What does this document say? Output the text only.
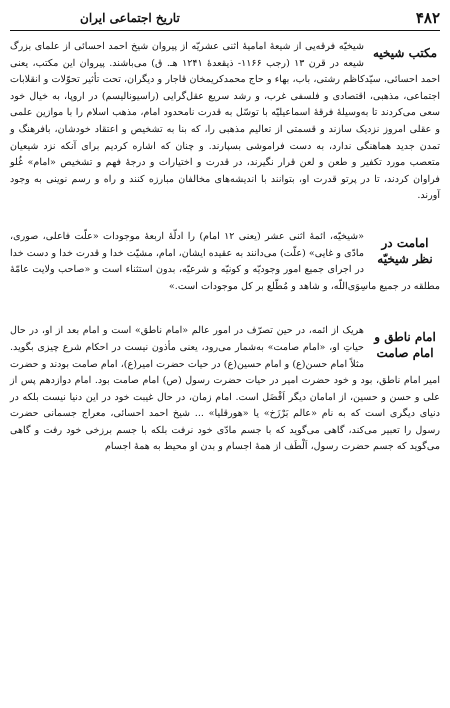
۴۸۲
تاریخ اجتماعی ایران
مکتب شیخیه

شیخیّه فرقه‌یی از شیعهٔ امامیهٔ اثنی عشریّه از پیروان شیخ احمد احسائی از علمای بزرگ شیعه در قرن ۱۳ (رجب ۱۱۶۶- ذیقعدهٔ ۱۲۴۱ هـ. ق) می‌باشند. پیروان این مکتب، یعنی احمد احسائی، سیّدکاظم رشتی، باب، بهاء و حاج محمدکریمخان قاجار و دیگران، تحت تأثیر تحوّلات و انقلابات اجتماعی، مذهبی، اقتصادی و فلسفی غرب، و رشد سریع عقل‌گرایی (راسیونالیسم) در اروپا، به خیال خود سعی می‌کردند تا به‌وسیلهٔ فرقهٔ اسماعیلیّه با توسّل به قدرت نامحدود امام، مذهب اسلام را با موازین علمی و عقلی امروز نزدیک سازند و قسمتی از تعالیم مذهبی را، که بنا به تشخیص و اعتقاد خودشان، بافرهنگ و تمدن جدید هماهنگی ندارد، به دست فراموشی بسپارند. و چنان که اشاره کردیم برای آنکه نزد شیعیان متعصب مورد تکفیر و طعن و لعن قرار نگیرند، در قدرت و اختیارات و درجهٔ فهم و تشخیص «امام» غُلو فراوان کردند، تا در پرتو قدرت او، بتوانند با اندیشه‌های مخالفان مبارزه کنند و راه و رسم نوینی به وجود آورند.

امامت در نظر شیخیّه

«شیخیّه، ائمهٔ اثنی عشر (یعنی ۱۲ امام) را ادلّهٔ اربعهٔ موجودات «علّت فاعلی، صوری، مادّی و غایی» (علّت) می‌دانند به عقیده ایشان، امام، مشیّت خدا و قدرت خدا و دست خدا در اجرای جمیع امور وجودیّه و کونیّه و شرعیّه، بدون استثناء است و «صاحب ولایت عامّهٔ مطلقه در جمیع ماسِوَی‌اللّه، و شاهد و مُطّلع بر کل موجودات است.»

امام ناطق و امام صامت

هریک از ائمه، در حین تصرّف در امور عالم «امام ناطق» است و امام بعد از او، در حال حیاتِ او، «امام صامت» به‌شمار می‌رود، یعنی مأذون نیست در احکام شرع چیزی بگوید. مثلاً امام حسن(ع) و امام حسین(ع) در حیات حضرت امیر(ع)، امام صامت بودند و حضرت امیر امام ناطق، بود و خود حضرت امیر در حیات حضرت رسول (ص) امام صامت بود. امام دوازدهم پس از علی و حسن و حسین، از امامان دیگر اَفْضَل است. امام زمان، در حال غیبت خود در این دنیا نیست بلکه در دنیای دیگری است که به نام «عالم بَرْزَخ» یا «هورقلیا» ... شیخ احمد احسائی، معراج جسمانی حضرت رسول را تعبیر می‌کند، گاهی می‌گوید که با جسم مادّی خود نرفت بلکه با جسم برزخی خود رفت و گاهی می‌گوید که جسم حضرت رسول، اَلْطَف از همهٔ اجسام و بدن او محیط به همهٔ اجسام
